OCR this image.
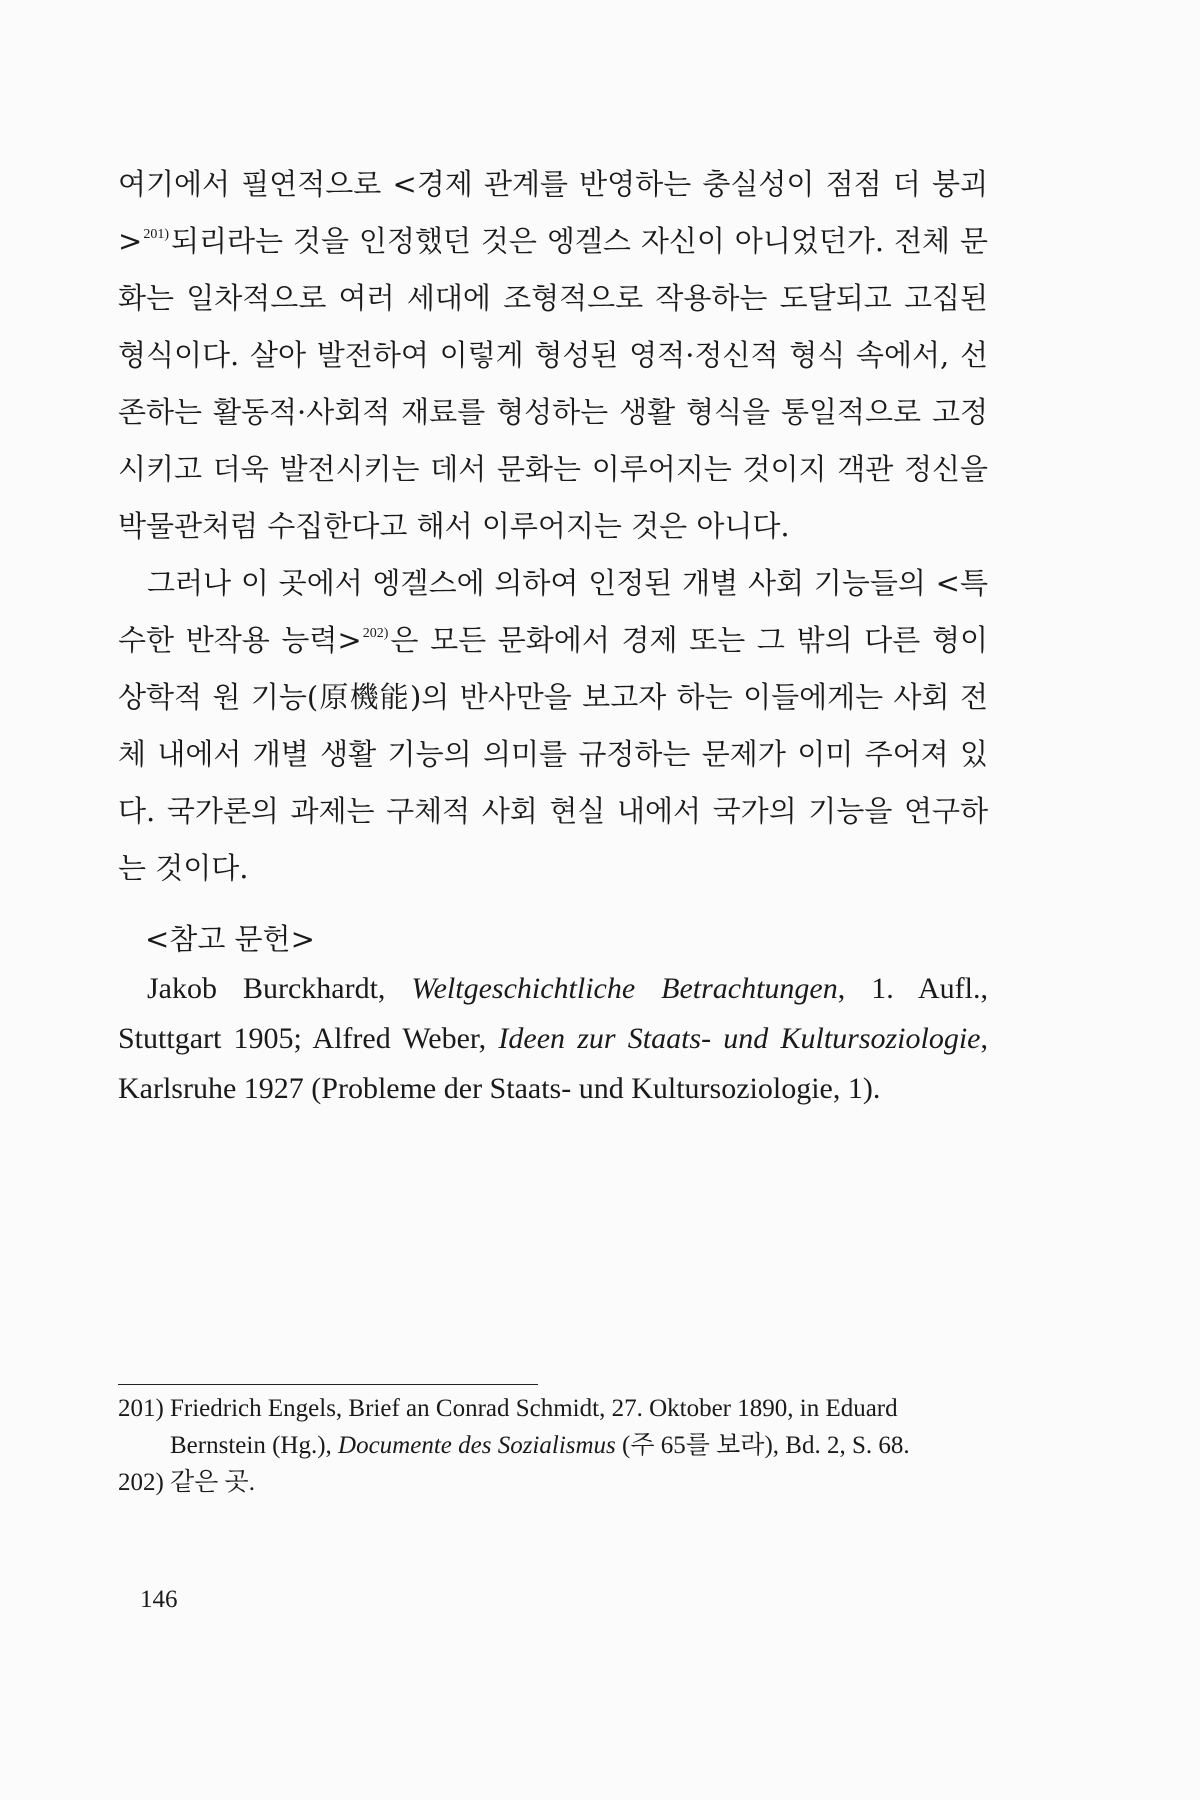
여기에서 필연적으로 <경제 관계를 반영하는 충실성이 점점 더 붕괴>$^{201)}$되리라는 것을 인정했던 것은 엥겔스 자신이 아니었던가. 전체 문화는 일차적으로 여러 세대에 조형적으로 작용하는 도달되고 고집된 형식이다. 살아 발전하여 이렇게 형성된 영적·정신적 형식 속에서, 선존하는 활동적·사회적 재료를 형성하는 생활 형식을 통일적으로 고정시키고 더욱 발전시키는 데서 문화는 이루어지는 것이지 객관 정신을 박물관처럼 수집한다고 해서 이루어지는 것은 아니다.

그러나 이 곳에서 엥겔스에 의하여 인정된 개별 사회 기능들의 <특수한 반작용 능력>$^{202)}$은 모든 문화에서 경제 또는 그 밖의 다른 형이상학적 원 기능(原機能)의 반사만을 보고자 하는 이들에게는 사회 전체 내에서 개별 생활 기능의 의미를 규정하는 문제가 이미 주어져 있다. 국가론의 과제는 구체적 사회 현실 내에서 국가의 기능을 연구하는 것이다.

<참고 문헌>
Jakob Burckhardt, Weltgeschichtliche Betrachtungen, 1. Aufl., Stuttgart 1905; Alfred Weber, Ideen zur Staats- und Kultursoziologie, Karlsruhe 1927 (Probleme der Staats- und Kultursoziologie, 1).
201) Friedrich Engels, Brief an Conrad Schmidt, 27. Oktober 1890, in Eduard Bernstein (Hg.), Documente des Sozialismus (주 65를 보라), Bd. 2, S. 68.
202) 같은 곳.
146
